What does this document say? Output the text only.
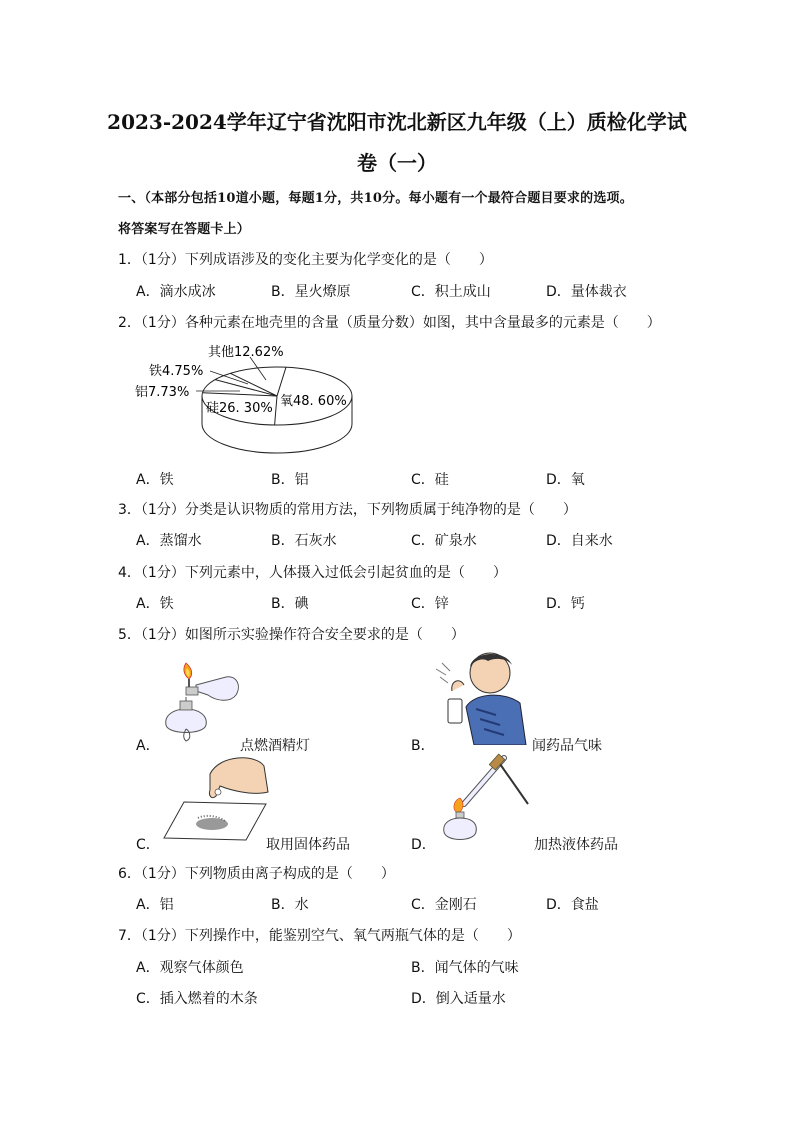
2023-2024学年辽宁省沈阳市沈北新区九年级（上）质检化学试
卷（一）
一、（本部分包括10道小题，每题1分，共10分。每小题有一个最符合题目要求的选项。
将答案写在答题卡上）
1．（1分）下列成语涉及的变化主要为化学变化的是（　　）
A．滴水成冰	B．星火燎原	C．积土成山	D．量体裁衣
2．（1分）各种元素在地壳里的含量（质量分数）如图，其中含量最多的元素是（　　）
氧48. 60%
硅26. 30%
铝7.73%
铁4.75%
其他12.62%
A．铁	B．铝	C．硅	D．氧
3．（1分）分类是认识物质的常用方法，下列物质属于纯净物的是（　　）
A．蒸馏水	B．石灰水	C．矿泉水	D．自来水
4．（1分）下列元素中，人体摄入过低会引起贫血的是（　　）
A．铁	B．碘	C．锌	D．钙
5．（1分）如图所示实验操作符合安全要求的是（　　）
A．	点燃酒精灯	B．	闻药品气味
C．	取用固体药品	D．	加热液体药品
6．（1分）下列物质由离子构成的是（　　）
A．铝	B．水	C．金刚石	D．食盐
7．（1分）下列操作中，能鉴别空气、氧气两瓶气体的是（　　）
A．观察气体颜色	B．闻气体的气味
C．插入燃着的木条	D．倒入适量水
